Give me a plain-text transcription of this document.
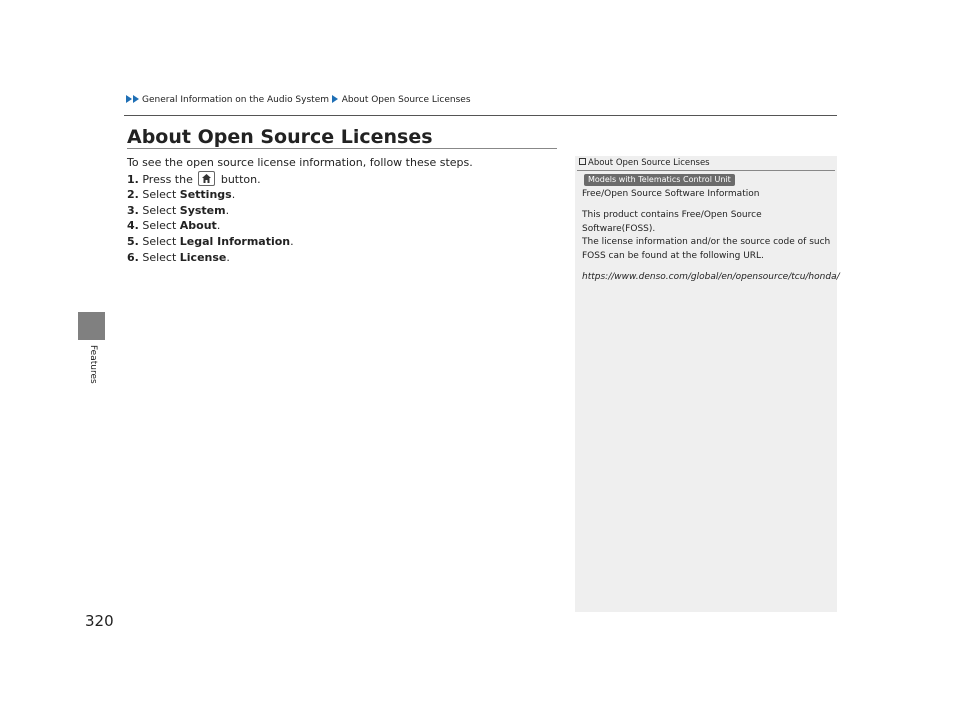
General Information on the Audio System About Open Source Licenses
Features
320
About Open Source Licenses
To see the open source license information, follow these steps.
1. Press the	button.
2. Select Settings.
3. Select System.
4. Select About.
5. Select Legal Information.
6. Select License.
About Open Source Licenses
Models with Telematics Control Unit

Free/Open Source Software Information

This product contains Free/Open Source Software(FOSS).

The license information and/or the source code of such FOSS can be found at the following URL.

https://www.denso.com/global/en/opensource/tcu/honda/
